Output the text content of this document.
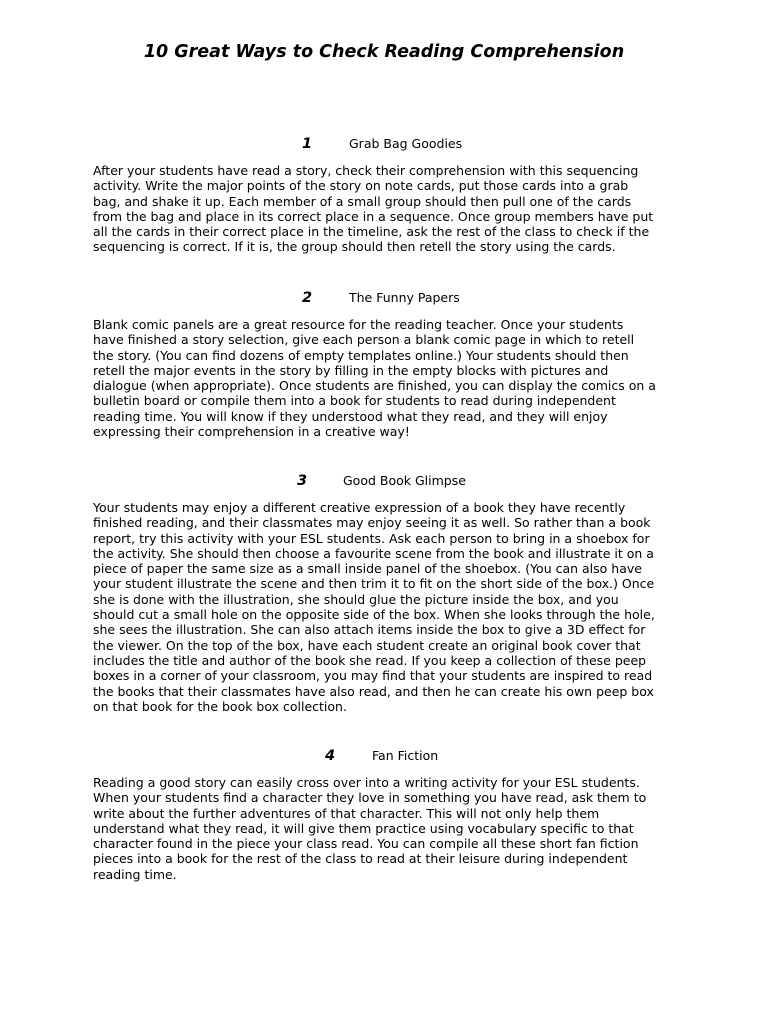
10 Great Ways to Check Reading Comprehension
1	Grab Bag Goodies
After your students have read a story, check their comprehension with this sequencing
activity. Write the major points of the story on note cards, put those cards into a grab
bag, and shake it up. Each member of a small group should then pull one of the cards
from the bag and place in its correct place in a sequence. Once group members have put
all the cards in their correct place in the timeline, ask the rest of the class to check if the
sequencing is correct. If it is, the group should then retell the story using the cards.
2	The Funny Papers
Blank comic panels are a great resource for the reading teacher. Once your students
have finished a story selection, give each person a blank comic page in which to retell
the story. (You can find dozens of empty templates online.) Your students should then
retell the major events in the story by filling in the empty blocks with pictures and
dialogue (when appropriate). Once students are finished, you can display the comics on a
bulletin board or compile them into a book for students to read during independent
reading time. You will know if they understood what they read, and they will enjoy
expressing their comprehension in a creative way!
3	Good Book Glimpse
Your students may enjoy a different creative expression of a book they have recently
finished reading, and their classmates may enjoy seeing it as well. So rather than a book
report, try this activity with your ESL students. Ask each person to bring in a shoebox for
the activity. She should then choose a favourite scene from the book and illustrate it on a
piece of paper the same size as a small inside panel of the shoebox. (You can also have
your student illustrate the scene and then trim it to fit on the short side of the box.) Once
she is done with the illustration, she should glue the picture inside the box, and you
should cut a small hole on the opposite side of the box. When she looks through the hole,
she sees the illustration. She can also attach items inside the box to give a 3D effect for
the viewer. On the top of the box, have each student create an original book cover that
includes the title and author of the book she read. If you keep a collection of these peep
boxes in a corner of your classroom, you may find that your students are inspired to read
the books that their classmates have also read, and then he can create his own peep box
on that book for the book box collection.
4	Fan Fiction
Reading a good story can easily cross over into a writing activity for your ESL students.
When your students find a character they love in something you have read, ask them to
write about the further adventures of that character. This will not only help them
understand what they read, it will give them practice using vocabulary specific to that
character found in the piece your class read. You can compile all these short fan fiction
pieces into a book for the rest of the class to read at their leisure during independent
reading time.
